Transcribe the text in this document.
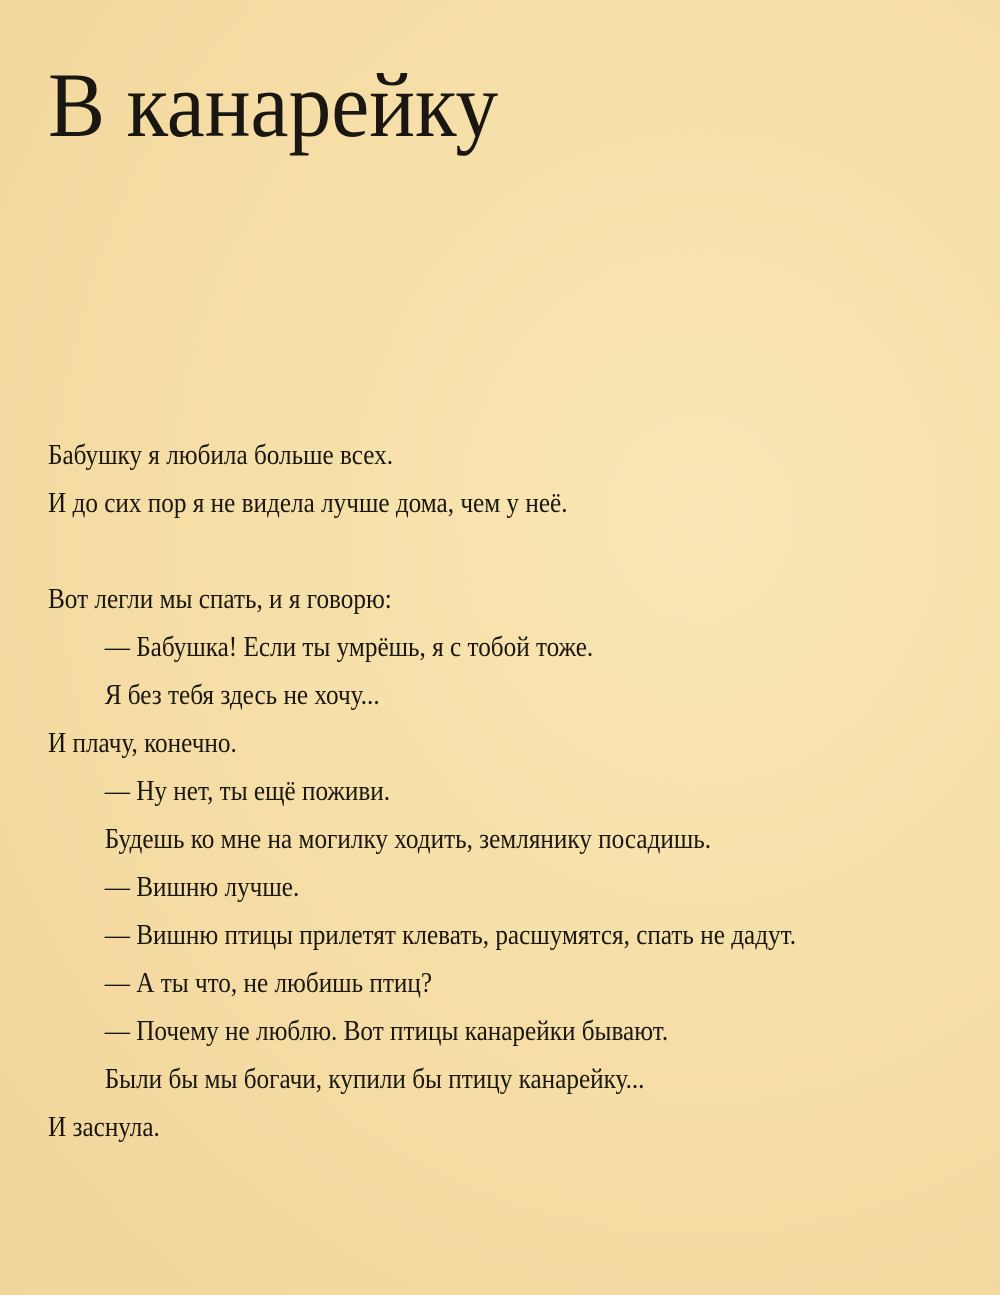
В канарейку
Бабушку я любила больше всех.
И до сих пор я не видела лучше дома, чем у неё.
Вот легли мы спать, и я говорю:
— Бабушка! Если ты умрёшь, я с тобой тоже.
Я без тебя здесь не хочу...
И плачу, конечно.
— Ну нет, ты ещё поживи.
Будешь ко мне на могилку ходить, землянику посадишь.
— Вишню лучше.
— Вишню птицы прилетят клевать, расшумятся, спать не дадут.
— А ты что, не любишь птиц?
— Почему не люблю. Вот птицы канарейки бывают.
Были бы мы богачи, купили бы птицу канарейку...
И заснула.
